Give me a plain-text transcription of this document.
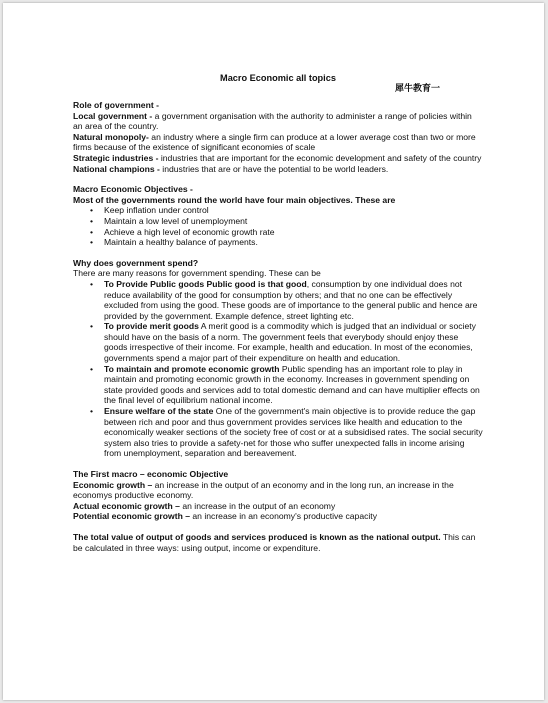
Macro Economic all topics
犀牛教育一

Role of government -

Local government - a government organisation with the authority to administer a range of policies within an area of the country.

Natural monopoly- an industry where a single firm can produce at a lower average cost than two or more firms because of the existence of significant economies of scale

Strategic industries - industries that are important for the economic development and safety of the country

National champions - industries that are or have the potential to be world leaders.

Macro Economic Objectives -

Most of the governments round the world have four main objectives. These are

• Keep inflation under control
• Maintain a low level of unemployment
• Achieve a high level of economic growth rate
• Maintain a healthy balance of payments.

Why does government spend?

There are many reasons for government spending. These can be

• To Provide Public goods Public good is that good, consumption by one individual does not reduce availability of the good for consumption by others; and that no one can be effectively excluded from using the good. These goods are of importance to the general public and hence are provided by the government. Example defence, street lighting etc.
• To provide merit goods A merit good is a commodity which is judged that an individual or society should have on the basis of a norm. The government feels that everybody should enjoy these goods irrespective of their income. For example, health and education. In most of the economies, governments spend a major part of their expenditure on health and education.
• To maintain and promote economic growth Public spending has an important role to play in maintain and promoting economic growth in the economy. Increases in government spending on state provided goods and services add to total domestic demand and can have multiplier effects on the final level of equilibrium national income.
• Ensure welfare of the state One of the government's main objective is to provide reduce the gap between rich and poor and thus government provides services like health and education to the economically weaker sections of the society free of cost or at a subsidised rates. The social security system also tries to provide a safety-net for those who suffer unexpected falls in income arising from unemployment, separation and bereavement.

The First macro – economic Objective

Economic growth – an increase in the output of an economy and in the long run, an increase in the economys productive economy.

Actual economic growth – an increase in the output of an economy

Potential economic growth – an increase in an economy's productive capacity

The total value of output of goods and services produced is known as the national output. This can be calculated in three ways: using output, income or expenditure.
